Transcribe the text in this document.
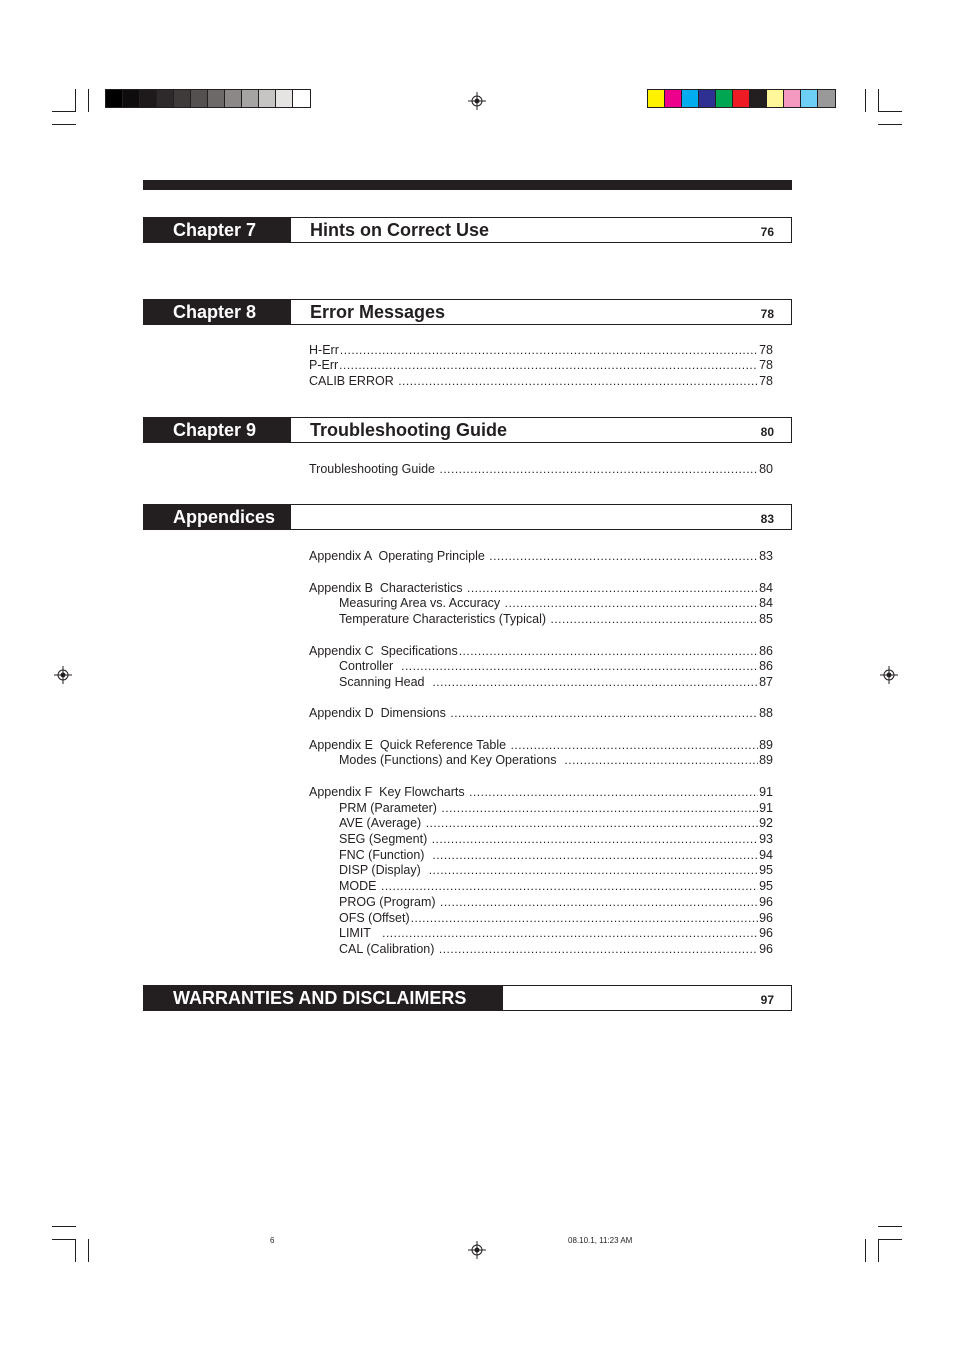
Chapter 7	Hints on Correct Use	76
Chapter 8	Error Messages	78
H-Err .....	78
P-Err .....	78
CALIB ERROR .....	78
Chapter 9	Troubleshooting Guide	80
Troubleshooting Guide .....	80
Appendices	83
Appendix A  Operating Principle .....	83
Appendix B  Characteristics .....	84
Measuring Area vs. Accuracy .....	84
Temperature Characteristics (Typical) .....	85
Appendix C  Specifications .....	86
Controller .....	86
Scanning Head .....	87
Appendix D  Dimensions .....	88
Appendix E  Quick Reference Table .....	89
Modes (Functions) and Key Operations .....	89
Appendix F  Key Flowcharts .....	91
PRM (Parameter) .....	91
AVE (Average) .....	92
SEG (Segment) .....	93
FNC (Function) .....	94
DISP (Display) .....	95
MODE .....	95
PROG (Program) .....	96
OFS (Offset) .....	96
LIMIT .....	96
CAL (Calibration) .....	96
WARRANTIES AND DISCLAIMERS	97
6	08.10.1, 11:23 AM
